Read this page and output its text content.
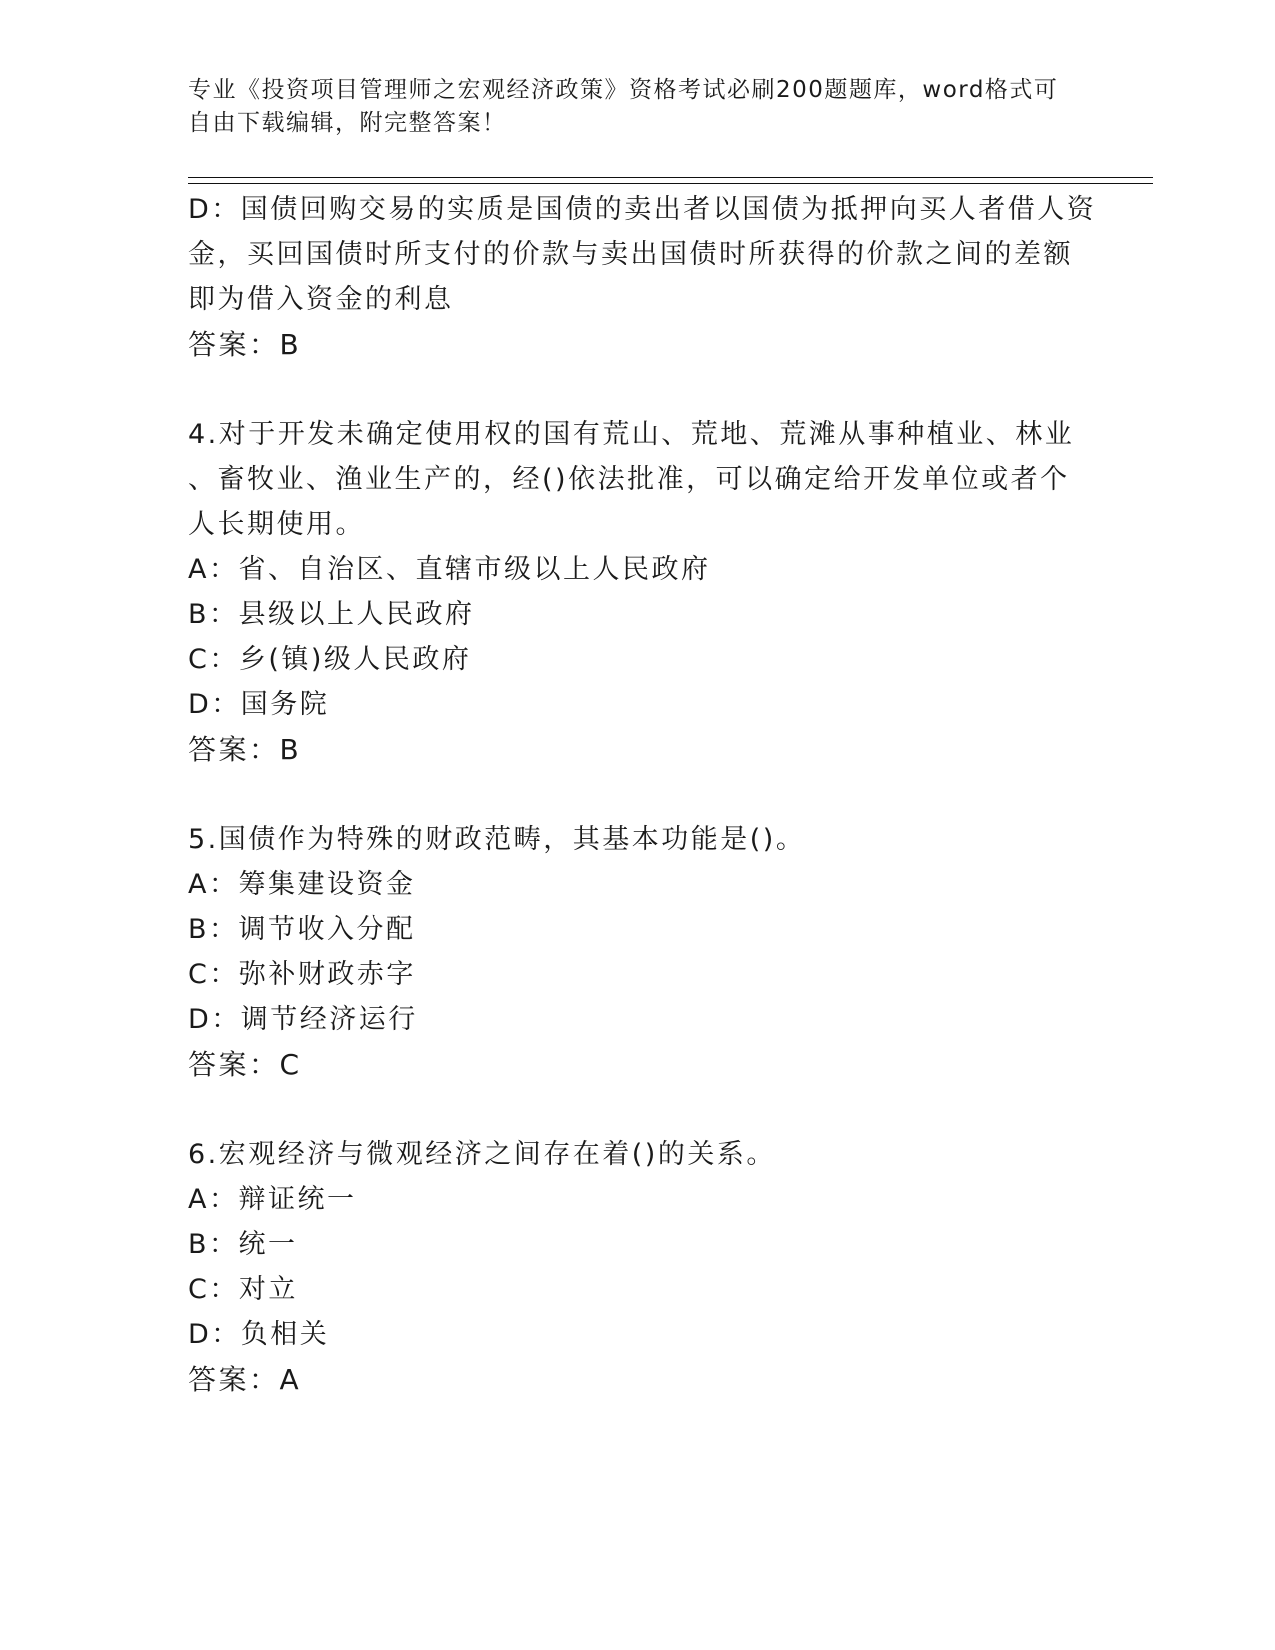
专业《投资项目管理师之宏观经济政策》资格考试必刷200题题库，word格式可
自由下载编辑，附完整答案！
D：国债回购交易的实质是国债的卖出者以国债为抵押向买人者借人资
金，买回国债时所支付的价款与卖出国债时所获得的价款之间的差额
即为借入资金的利息
答案：B
4.对于开发未确定使用权的国有荒山、荒地、荒滩从事种植业、林业
、畜牧业、渔业生产的，经()依法批准，可以确定给开发单位或者个
人长期使用。
A：省、自治区、直辖市级以上人民政府
B：县级以上人民政府
C：乡(镇)级人民政府
D：国务院
答案：B
5.国债作为特殊的财政范畴，其基本功能是()。
A：筹集建设资金
B：调节收入分配
C：弥补财政赤字
D：调节经济运行
答案：C
6.宏观经济与微观经济之间存在着()的关系。
A：辩证统一
B：统一
C：对立
D：负相关
答案：A
